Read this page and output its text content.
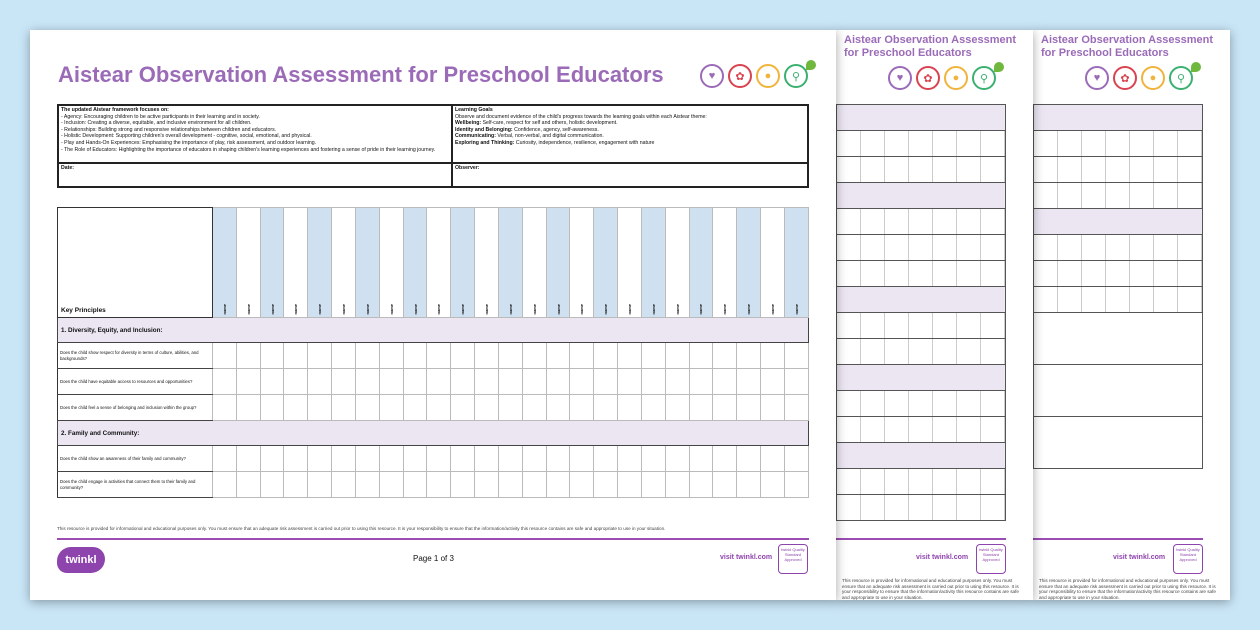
Aistear Observation Assessment for Preschool Educators	♥	✿	●	⚲
The updated Aistear framework focuses on:
- Agency: Encouraging children to be active participants in their learning and in society.
- Inclusion: Creating a diverse, equitable, and inclusive environment for all children.
- Relationships: Building strong and responsive relationships between children and educators.
- Holistic Development: Supporting children's overall development - cognitive, social, emotional, and physical.
- Play and Hands-On Experiences: Emphasising the importance of play, risk assessment, and outdoor learning.
- The Role of Educators: Highlighting the importance of educators in shaping children's learning experiences and fostering a sense of pride in their learning journey.
Learning Goals
Observe and document evidence of the child's progress towards the learning goals within each Aistear theme:
Wellbeing: Self-care, respect for self and others, holistic development.
Identity and Belonging: Confidence, agency, self-awareness.
Communicating: Verbal, non-verbal, and digital communication.
Exploring and Thinking: Curiosity, independence, resilience, engagement with nature
Date:	Observer:
Key Principles	name	name	name	name	name	name	name	name	name	name	name	name	name	name	name	name	name	name	name	name	name	name	name	name	name

1. Diversity, Equity, and Inclusion:																									
Does the child show respect for diversity in terms of culture, abilities, and backgrounds?																									
Does the child have equitable access to resources and opportunities?																									
Does the child feel a sense of belonging and inclusion within the group?																									
2. Family and Community:																									
Does the child show an awareness of their family and community?																									
Does the child engage in activities that connect them to their family and community?																									
This resource is provided for informational and educational purposes only. You must ensure that an adequate risk assessment is carried out prior to using this resource. It is your responsibility to ensure that the information/activity this resource contains are safe and appropriate to use in your situation.
twinkl	Page 1 of 3	visit twinkl.com
twinkl Quality Standard Approved
Aistear Observation Assessment for Preschool Educators
♥	✿	●	⚲
visit twinkl.com
twinkl Quality Standard Approved
This resource is provided for informational and educational purposes only. You must ensure that an adequate risk assessment is carried out prior to using this resource. It is your responsibility to ensure that the information/activity this resource contains are safe and appropriate to use in your situation.
Aistear Observation Assessment for Preschool Educators
♥	✿	●	⚲
visit twinkl.com
twinkl Quality Standard Approved
This resource is provided for informational and educational purposes only. You must ensure that an adequate risk assessment is carried out prior to using this resource. It is your responsibility to ensure that the information/activity this resource contains are safe and appropriate to use in your situation.
